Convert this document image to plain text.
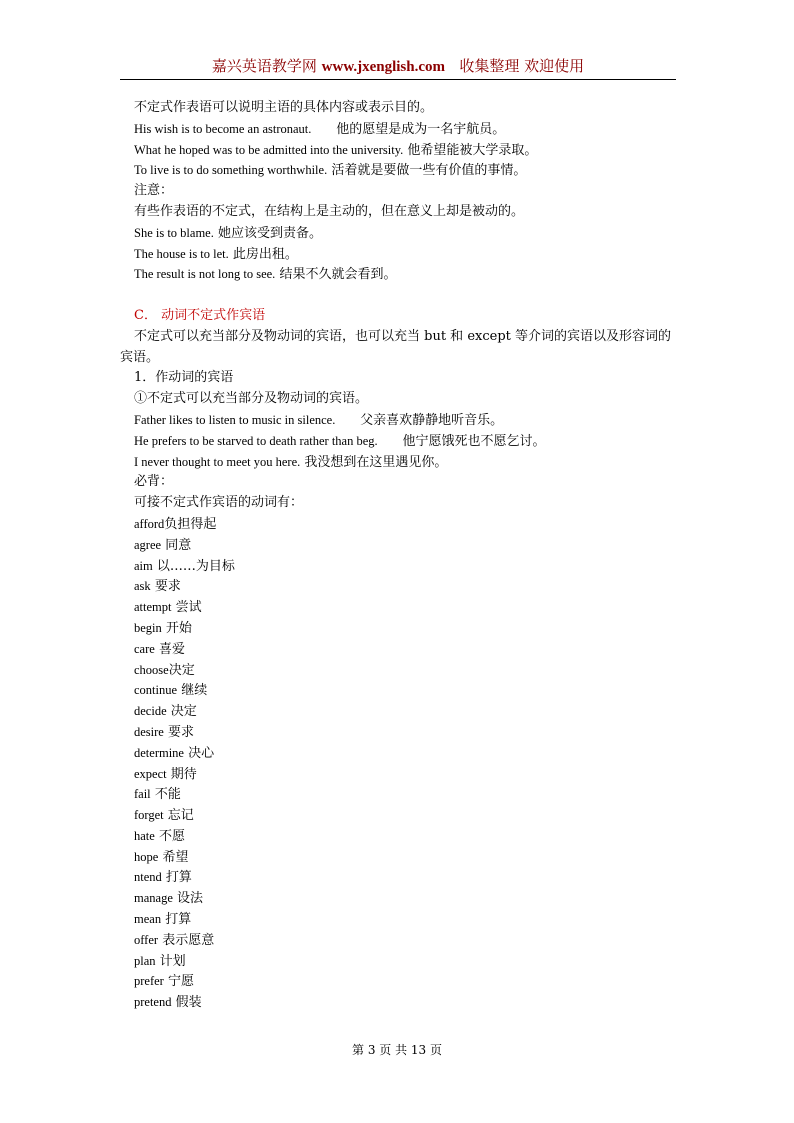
嘉兴英语教学网 www.jxenglish.com 收集整理 欢迎使用
不定式作表语可以说明主语的具体内容或表示目的。
His wish is to become an astronaut. 他的愿望是成为一名宇航员。
What he hoped was to be admitted into the university. 他希望能被大学录取。
To live is to do something worthwhile. 活着就是要做一些有价值的事情。
注意：
有些作表语的不定式，在结构上是主动的，但在意义上却是被动的。
She is to blame. 她应该受到责备。
The house is to let. 此房出租。
The result is not long to see. 结果不久就会看到。
C． 动词不定式作宾语
不定式可以充当部分及物动词的宾语，也可以充当 but 和 except 等介词的宾语以及形容词的宾语。
1．作动词的宾语
①不定式可以充当部分及物动词的宾语。
Father likes to listen to music in silence. 父亲喜欢静静地听音乐。
He prefers to be starved to death rather than beg. 他宁愿饿死也不愿乞讨。
I never thought to meet you here. 我没想到在这里遇见你。
必背：
可接不定式作宾语的动词有：
afford负担得起
agree 同意
aim 以……为目标
ask 要求
attempt 尝试
begin 开始
care 喜爱
choose决定
continue 继续
decide 决定
desire 要求
determine 决心
expect 期待
fail 不能
forget 忘记
hate 不愿
hope 希望
ntend 打算
manage 设法
mean 打算
offer 表示愿意
plan 计划
prefer 宁愿
pretend 假装
第 3 页 共 13 页
